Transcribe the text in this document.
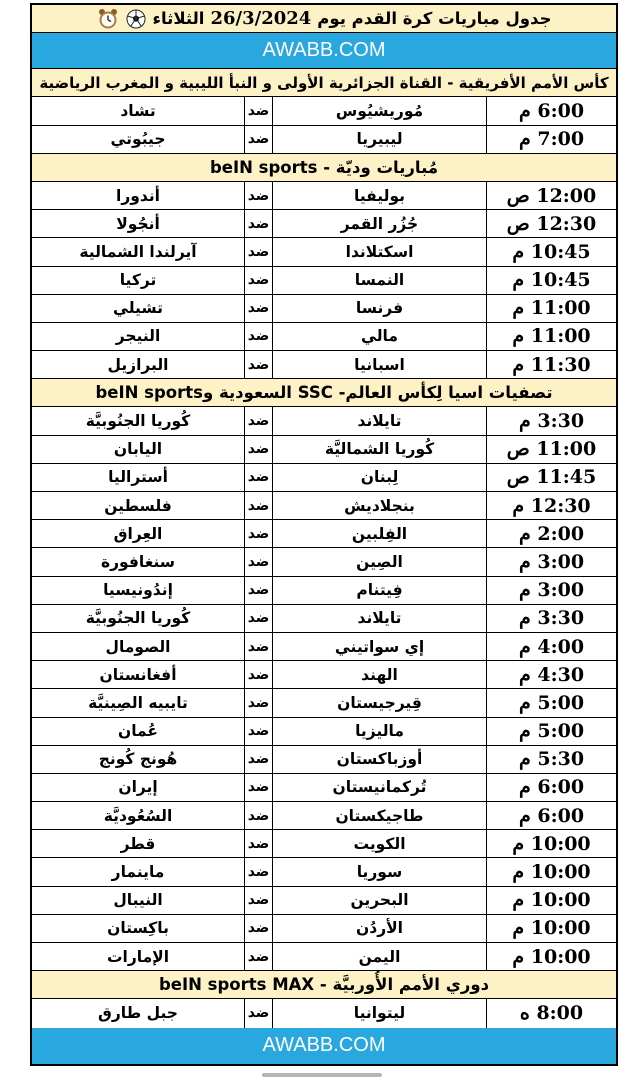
جدول مباريات كرة القدم يوم
26/3/2024
الثلاثاء
AWABB.COM
كأس الأمم الأفريقية - القناة الجزائرية الأولى و النبأ الليبية و المغرب الرياضية
6:00 م
مُوريشيُوس
ضد
تشاد
7:00 م
ليبيريا
ضد
جيبُوتي
مُباريات وديّة - beIN sports
12:00 ص
بوليفيا
ضد
أندورا
12:30 ص
جُزُر القمر
ضد
أنجُولا
10:45 م
اسكتلاندا
ضد
آيرلندا الشمالية
10:45 م
النمسا
ضد
تركيا
11:00 م
فرنسا
ضد
تشيلي
11:00 م
مالي
ضد
النيجر
11:30 م
اسبانيا
ضد
البرازيل
تصفيات اسيا لِكأس العالم- SSC السعودية وbeIN sports
3:30 م
تايلاند
ضد
كُوريا الجنُوبيَّة
11:00 ص
كُوريا الشماليَّة
ضد
اليابان
11:45 ص
لِبنان
ضد
أستراليا
12:30 م
بنجلاديش
ضد
فلسطين
2:00 م
الفِلبين
ضد
العِراق
3:00 م
الصِين
ضد
سنغافورة
3:00 م
فِيتنام
ضد
إندُونيسيا
3:30 م
تايلاند
ضد
كُوريا الجنُوبيَّة
4:00 م
إي سواتيني
ضد
الصومال
4:30 م
الهند
ضد
أفغانستان
5:00 م
قِيرجيستان
ضد
تايبيه الصِينيَّة
5:00 م
ماليزيا
ضد
عُمان
5:30 م
أوزباكستان
ضد
هُونج كُونج
6:00 م
تُركمانيستان
ضد
إيران
6:00 م
طاجيكستان
ضد
السُعُوديَّة
10:00 م
الكويت
ضد
قطر
10:00 م
سوريا
ضد
ماينمار
10:00 م
البحرين
ضد
النيبال
10:00 م
الأردُن
ضد
باكِستان
10:00 م
اليمن
ضد
الإمارات
دوري الأمم الأُوربيَّة - beIN sports MAX
8:00 ه
ليتوانيا
ضد
جبل طارق
AWABB.COM
